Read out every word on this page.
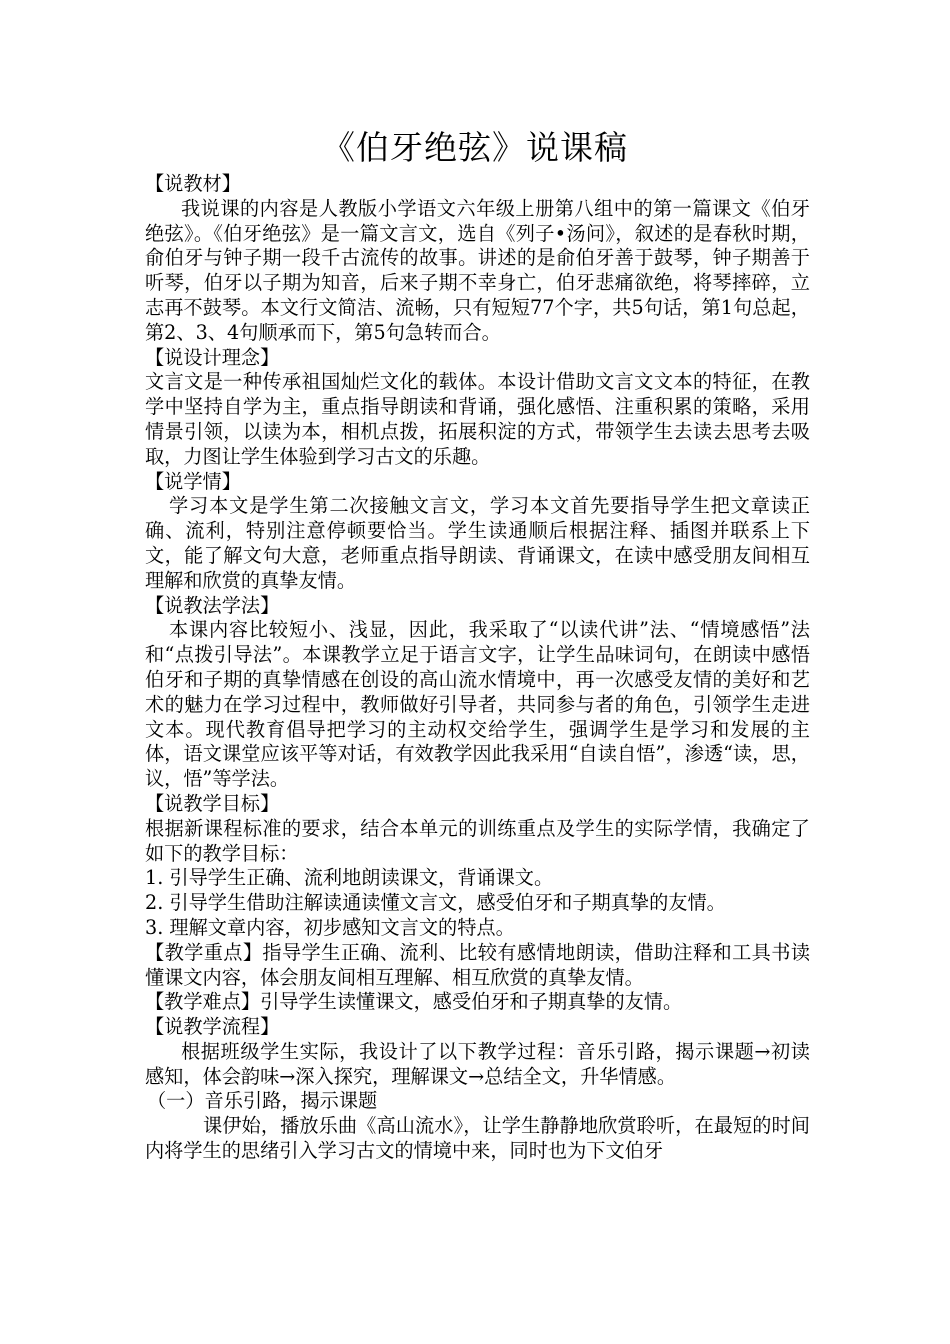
《伯牙绝弦》说课稿

【说教材】

我说课的内容是人教版小学语文六年级上册第八组中的第一篇课文《伯牙绝弦》。《伯牙绝弦》是一篇文言文，选自《列子•汤问》，叙述的是春秋时期，俞伯牙与钟子期一段千古流传的故事。讲述的是俞伯牙善于鼓琴，钟子期善于听琴，伯牙以子期为知音，后来子期不幸身亡，伯牙悲痛欲绝，将琴摔碎，立志再不鼓琴。本文行文简洁、流畅，只有短短77个字，共5句话，第1句总起，第2、3、4句顺承而下，第5句急转而合。

【说设计理念】

文言文是一种传承祖国灿烂文化的载体。本设计借助文言文文本的特征，在教学中坚持自学为主，重点指导朗读和背诵，强化感悟、注重积累的策略，采用情景引领，以读为本，相机点拨，拓展积淀的方式，带领学生去读去思考去吸取，力图让学生体验到学习古文的乐趣。

【说学情】

学习本文是学生第二次接触文言文，学习本文首先要指导学生把文章读正确、流利，特别注意停顿要恰当。学生读通顺后根据注释、插图并联系上下文，能了解文句大意，老师重点指导朗读、背诵课文，在读中感受朋友间相互理解和欣赏的真挚友情。

【说教法学法】

本课内容比较短小、浅显，因此，我采取了“以读代讲”法、“情境感悟”法和“点拨引导法”。本课教学立足于语言文字，让学生品味词句，在朗读中感悟伯牙和子期的真挚情感在创设的高山流水情境中，再一次感受友情的美好和艺术的魅力在学习过程中，教师做好引导者，共同参与者的角色，引领学生走进文本。现代教育倡导把学习的主动权交给学生，强调学生是学习和发展的主体，语文课堂应该平等对话，有效教学因此我采用“自读自悟”，渗透“读，思，议，悟”等学法。

【说教学目标】

根据新课程标准的要求，结合本单元的训练重点及学生的实际学情，我确定了如下的教学目标：

1. 引导学生正确、流利地朗读课文，背诵课文。

2. 引导学生借助注解读通读懂文言文，感受伯牙和子期真挚的友情。

3. 理解文章内容，初步感知文言文的特点。

【教学重点】指导学生正确、流利、比较有感情地朗读，借助注释和工具书读懂课文内容，体会朋友间相互理解、相互欣赏的真挚友情。

【教学难点】引导学生读懂课文，感受伯牙和子期真挚的友情。

【说教学流程】

根据班级学生实际，我设计了以下教学过程：音乐引路，揭示课题→初读感知，体会韵味→深入探究，理解课文→总结全文，升华情感。

（一）音乐引路，揭示课题

课伊始，播放乐曲《高山流水》，让学生静静地欣赏聆听，在最短的时间内将学生的思绪引入学习古文的情境中来，同时也为下文伯牙
